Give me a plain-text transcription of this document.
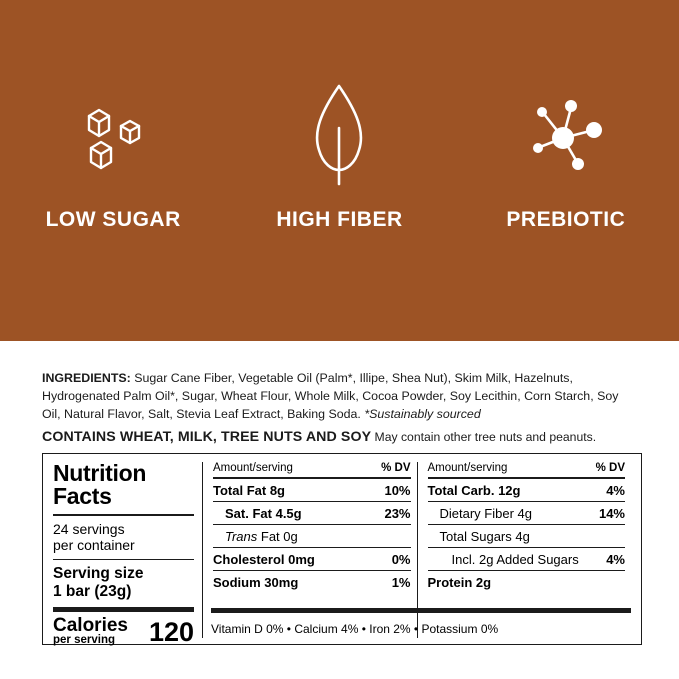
LOW SUGAR	HIGH FIBER	PREBIOTIC
INGREDIENTS: Sugar Cane Fiber, Vegetable Oil (Palm*, Illipe, Shea Nut), Skim Milk, Hazelnuts, Hydrogenated Palm Oil*, Sugar, Wheat Flour, Whole Milk, Cocoa Powder, Soy Lecithin, Corn Starch, Soy Oil, Natural Flavor, Salt, Stevia Leaf Extract, Baking Soda. *Sustainably sourced
CONTAINS WHEAT, MILK, TREE NUTS AND SOY May contain other tree nuts and peanuts.
Nutrition
Facts
24 servings
per container
Serving size
1 bar (23g)
Calories
per serving	120
Amount/serving	% DV
Total Fat 8g	10%
Sat. Fat 4.5g	23%
Trans Fat 0g
Cholesterol 0mg	0%
Sodium 30mg	1%
Amount/serving	% DV
Total Carb. 12g	4%
Dietary Fiber 4g	14%
Total Sugars 4g
Incl. 2g Added Sugars 4%
Protein 2g
Vitamin D 0% • Calcium 4% • Iron 2% • Potassium 0%
